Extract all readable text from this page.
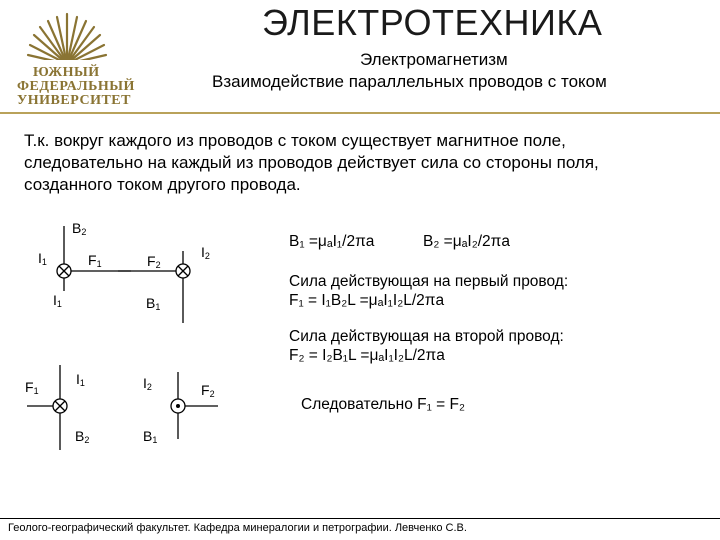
ЮЖНЫЙ
ФЕДЕРАЛЬНЫЙ
УНИВЕРСИТЕТ
ЭЛЕКТРОТЕХНИКА
Электромагнетизм
Взаимодействие параллельных проводов с током
Т.к. вокруг каждого из проводов с током существует магнитное поле,
следовательно на каждый из проводов действует сила со стороны поля,
созданного током другого провода.
$B_2$
$I_1$	$F_1$	$F_2$
$I_2$
$I_1$	$B_1$
$F_1$
$I_1$	$I_2$	$F_2$
$B_2$	$B_1$
B₁ =μₐI₁/2πa	B₂ =μₐI₂/2πa
Сила действующая на первый провод:
F₁ = I₁B₂L =μₐI₁I₂L/2πa
Сила действующая на второй провод:
F₂ = I₂B₁L =μₐI₁I₂L/2πa
Следовательно F₁ = F₂
Геолого-географический факультет. Кафедра минералогии и петрографии. Левченко С.В.
